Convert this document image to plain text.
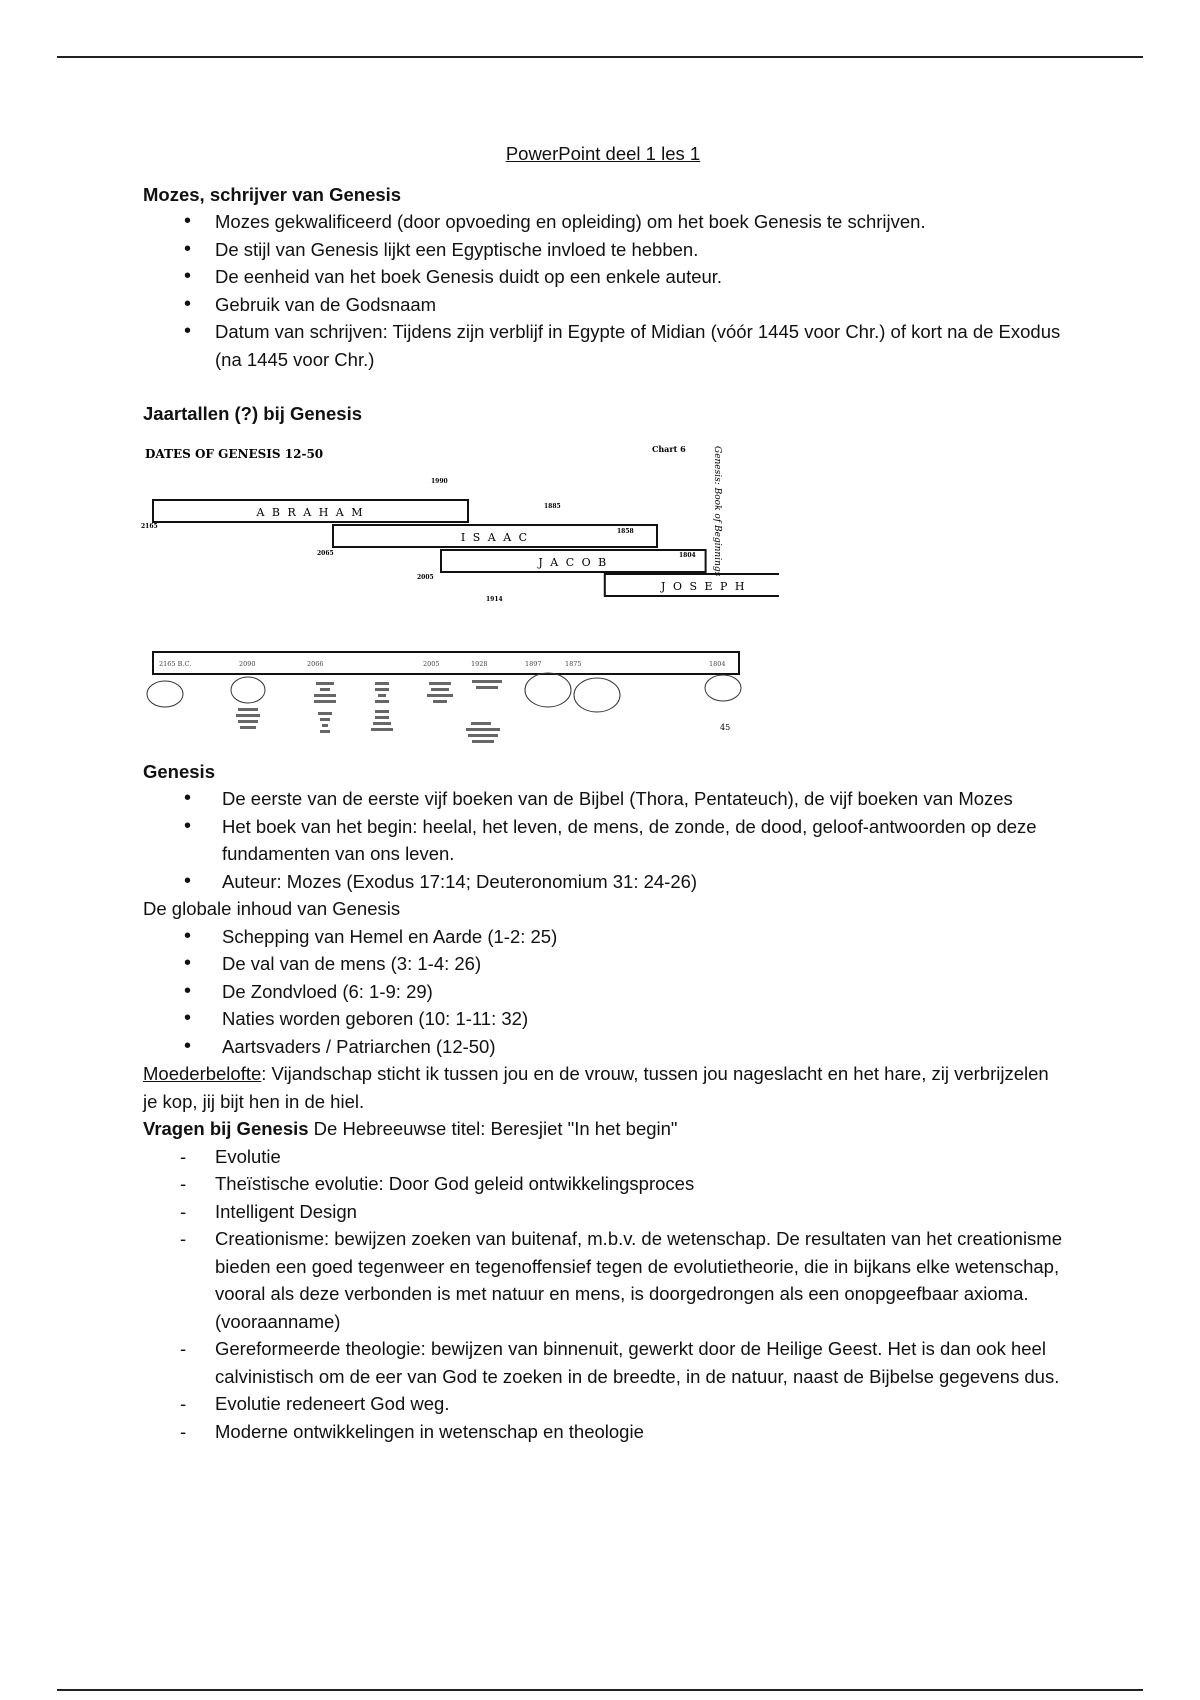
PowerPoint deel 1 les 1
Mozes, schrijver van Genesis
• Mozes gekwalificeerd (door opvoeding en opleiding) om het boek Genesis te schrijven.
• De stijl van Genesis lijkt een Egyptische invloed te hebben.
• De eenheid van het boek Genesis duidt op een enkele auteur.
• Gebruik van de Godsnaam
• Datum van schrijven: Tijdens zijn verblijf in Egypte of Midian (vóór 1445 voor Chr.) of kort na de Exodus (na 1445 voor Chr.)
Jaartallen (?) bij Genesis
DATES OF GENESIS 12-50	Chart 6	Genesis: Book of Beginnings
A B R A H A M
2165
1990
I S A A C
2065
1885
J A C O B
2005
1858
J O S E P H
1914
1804
2165 B.C.	2090	2066	2005	1928	1897	1875	1804
45
Genesis
• De eerste van de eerste vijf boeken van de Bijbel (Thora, Pentateuch), de vijf boeken van Mozes
• Het boek van het begin: heelal, het leven, de mens, de zonde, de dood, geloof-antwoorden op deze fundamenten van ons leven.
• Auteur: Mozes (Exodus 17:14; Deuteronomium 31: 24-26)
De globale inhoud van Genesis
• Schepping van Hemel en Aarde (1-2: 25)
• De val van de mens (3: 1-4: 26)
• De Zondvloed (6: 1-9: 29)
• Naties worden geboren (10: 1-11: 32)
• Aartsvaders / Patriarchen (12-50)
Moederbelofte: Vijandschap sticht ik tussen jou en de vrouw, tussen jou nageslacht en het hare, zij verbrijzelen je kop, jij bijt hen in de hiel.
Vragen bij Genesis De Hebreeuwse titel: Beresjiet "In het begin"
- Evolutie
- Theïstische evolutie: Door God geleid ontwikkelingsproces
- Intelligent Design
- Creationisme: bewijzen zoeken van buitenaf, m.b.v. de wetenschap. De resultaten van het creationisme bieden een goed tegenweer en tegenoffensief tegen de evolutietheorie, die in bijkans elke wetenschap, vooral als deze verbonden is met natuur en mens, is doorgedrongen als een onopgeefbaar axioma. (vooraanname)
- Gereformeerde theologie: bewijzen van binnenuit, gewerkt door de Heilige Geest. Het is dan ook heel calvinistisch om de eer van God te zoeken in de breedte, in de natuur, naast de Bijbelse gegevens dus.
- Evolutie redeneert God weg.
- Moderne ontwikkelingen in wetenschap en theologie
